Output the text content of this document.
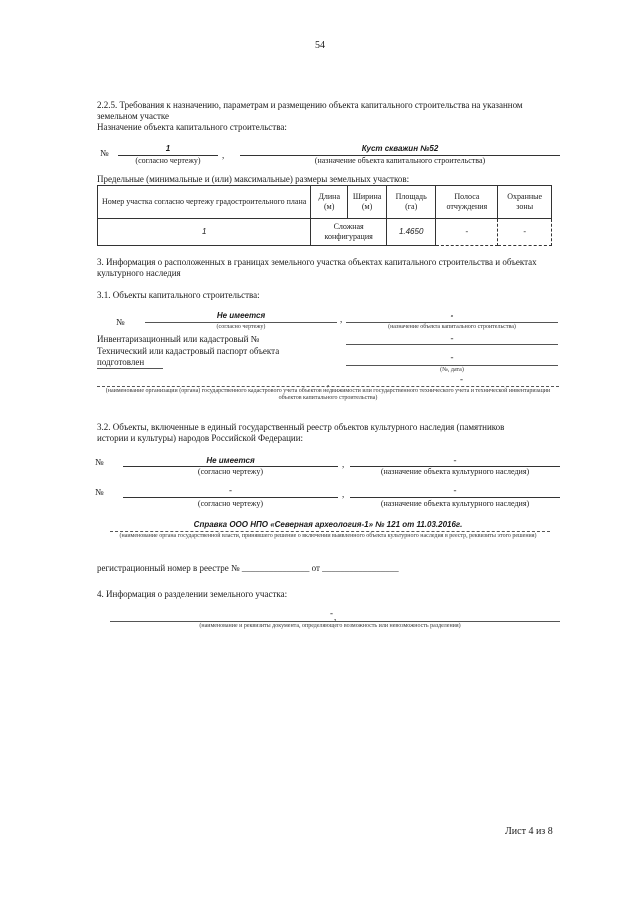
54
2.2.5. Требования к назначению, параметрам и размещению объекта капитального строительства на указанном
земельном участке
Назначение объекта капитального строительства:
№	1
,
Куст скважин №52
(согласно чертежу)	(назначение объекта капитального строительства)
Предельные (минимальные и (или) максимальные) размеры земельных участков:
Номер участка согласно чертежу градостроительного плана	Длина (м)	Ширина (м)	Площадь (га)	Полоса отчуждения	Охранные зоны
1	Сложная конфигурация		1.4650	-	-
3. Информация о расположенных в границах земельного участка объектах капитального строительства и объектах
культурного наследия
3.1. Объекты капитального строительства:
№
Не имеется	,	-
(согласно чертежу)	(назначение объекта капитального строительства)
Инвентаризационный или кадастровый №	-
Технический или кадастровый паспорт объекта
подготовлен	-
(№, дата)
-
,
(наименование организации (органа) государственного кадастрового учета объектов недвижимости или государственного технического учета и технической инвентаризации объектов капитального строительства)
3.2. Объекты, включенные в единый государственный реестр объектов культурного наследия (памятников
истории и культуры) народов Российской Федерации:
№	Не имеется	,	-
(согласно чертежу)	(назначение объекта культурного наследия)
№	-	,	-
(согласно чертежу)	(назначение объекта культурного наследия)
Справка ООО НПО «Северная археология-1» № 121 от 11.03.2016г.
(наименование органа государственной власти, принявшего решение о включении выявленного объекта культурного наследия в реестр, реквизиты этого решения)
регистрационный номер в реестре № _______________ от _________________
4. Информация о разделении земельного участка:
- ,
(наименование и реквизиты документа, определяющего возможность или невозможность разделения)
Лист 4 из 8
